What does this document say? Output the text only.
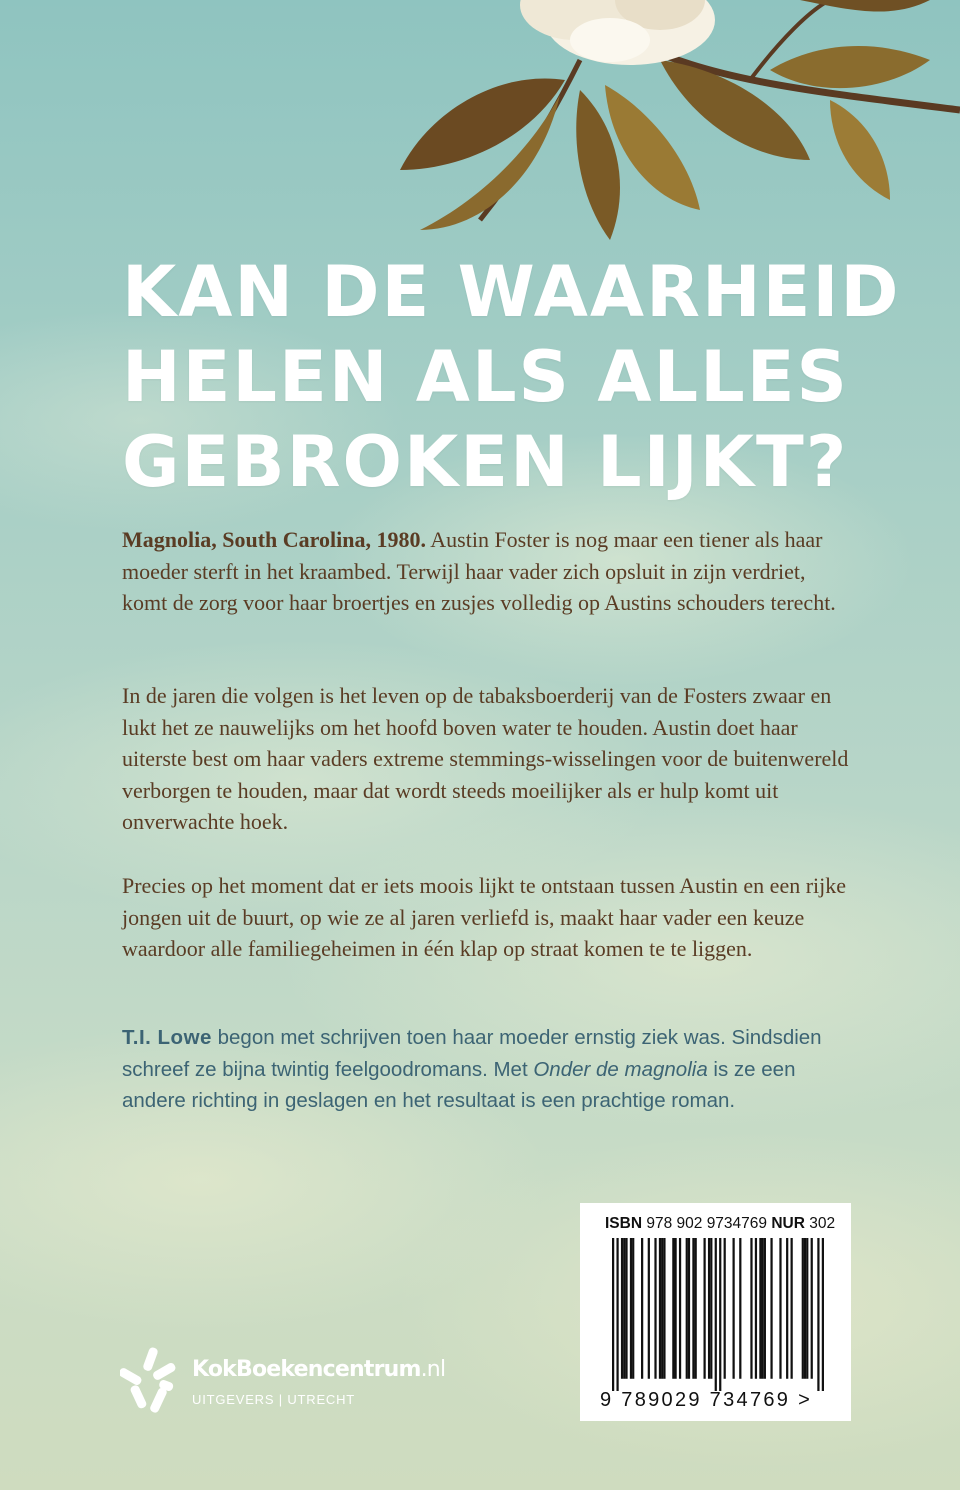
KAN DE WAARHEID
HELEN ALS ALLES
GEBROKEN LIJKT?

Magnolia, South Carolina, 1980. Austin Foster is nog maar een tiener als haar moeder sterft in het kraambed. Terwijl haar vader zich opsluit in zijn verdriet, komt de zorg voor haar broertjes en zusjes volledig op Austins schouders terecht.

In de jaren die volgen is het leven op de tabaksboerderij van de Fosters zwaar en lukt het ze nauwelijks om het hoofd boven water te houden. Austin doet haar uiterste best om haar vaders extreme stemmings-wisselingen voor de buitenwereld verborgen te houden, maar dat wordt steeds moeilijker als er hulp komt uit onverwachte hoek.

Precies op het moment dat er iets moois lijkt te ontstaan tussen Austin en een rijke jongen uit de buurt, op wie ze al jaren verliefd is, maakt haar vader een keuze waardoor alle familiegeheimen in één klap op straat komen te te liggen.

T.I. Lowe begon met schrijven toen haar moeder ernstig ziek was. Sindsdien schreef ze bijna twintig feelgoodromans. Met Onder de magnolia is ze een andere richting in geslagen en het resultaat is een prachtige roman.

ISBN 978 902 9734769 NUR 302
9 789029 734769 >
KokBoekencentrum.nl
UITGEVERS | UTRECHT
